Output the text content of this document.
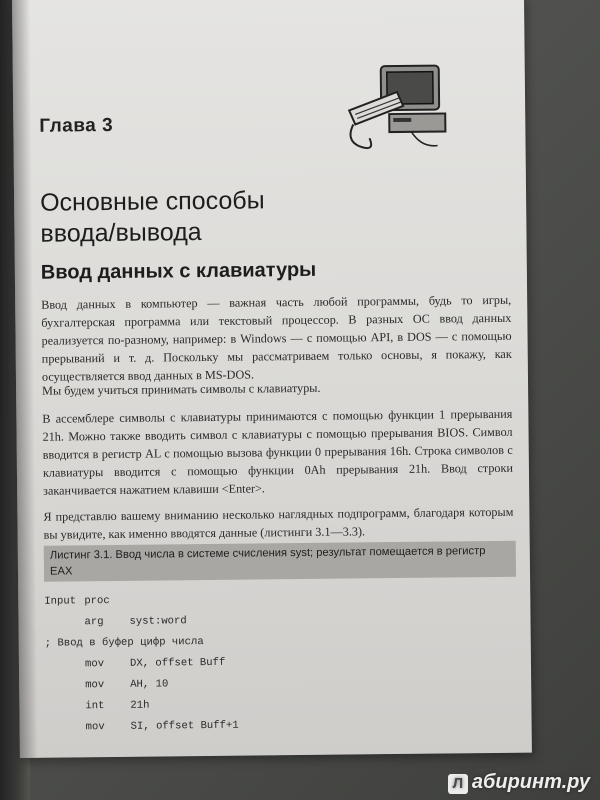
Глава 3
Основные способы
ввода/вывода
Ввод данных с клавиатуры

Ввод данных в компьютер — важная часть любой программы, будь то игры, бухгалтерская программа или текстовый процессор. В разных ОС ввод данных реализуется по-разному, например: в Windows — с помощью API, в DOS — с помощью прерываний и т. д. Поскольку мы рассматриваем только основы, я покажу, как осуществляется ввод данных в MS-DOS.

Мы будем учиться принимать символы с клавиатуры.

В ассемблере символы с клавиатуры принимаются с помощью функции 1 прерывания 21h. Можно также вводить символ с клавиатуры с помощью прерывания BIOS. Символ вводится в регистр AL с помощью вызова функции 0 прерывания 16h. Строка символов с клавиатуры вводится с помощью функции 0Ah прерывания 21h. Ввод строки заканчивается нажатием клавиши <Enter>.

Я представлю вашему вниманию несколько наглядных подпрограмм, благодаря которым вы увидите, как именно вводятся данные (листинги 3.1—3.3).

Листинг 3.1. Ввод числа в системе счисления syst; результат помещается в регистр EAX
Input proc
arg syst:word
; Ввод в буфер цифр числа
mov DX, offset Buff
mov AH, 10
int 21h
mov SI, offset Buff+1
Л абиринт.ру
